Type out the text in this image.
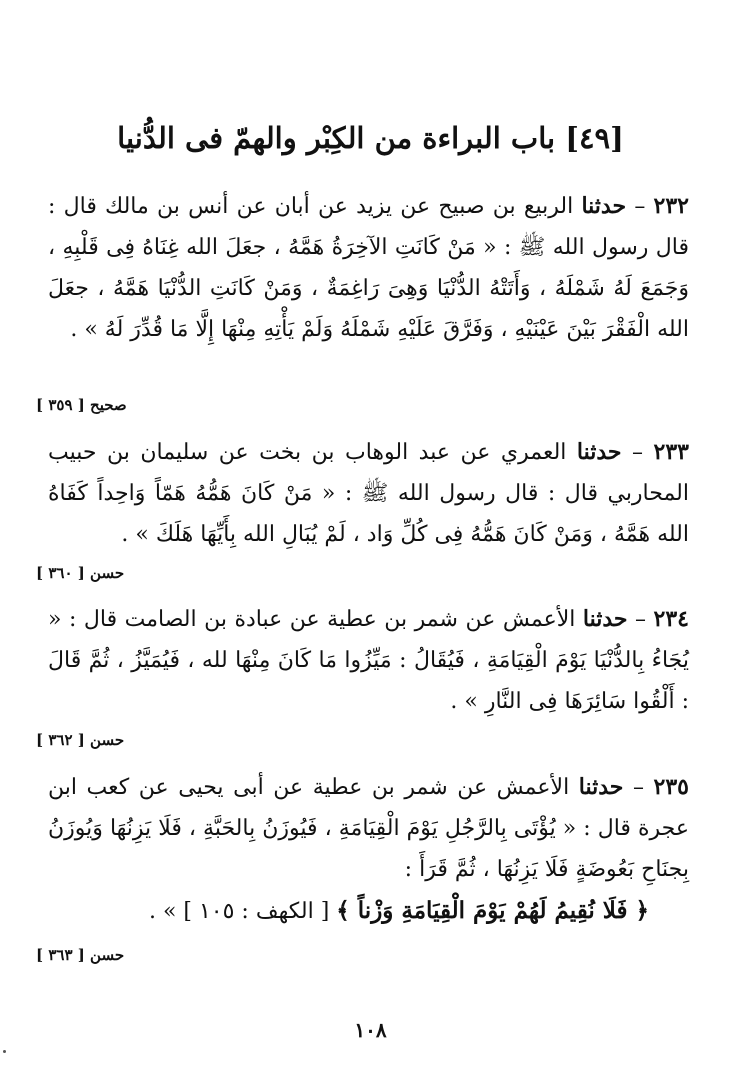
[٤٩] باب البراءة من الكِبْر والهمّ فى الدُّنيا
٢٣٢ – حدثنا الربيع بن صبيح عن يزيد عن أبان عن أنس بن مالك قال : قال رسول الله ﷺ : « مَنْ كَانَتِ الآخِرَةُ هَمَّهُ ، جعَلَ الله غِنَاهُ فِى قَلْبِهِ ، وَجَمَعَ لَهُ شَمْلَهُ ، وَأَتَتْهُ الدُّنْيَا وَهِىَ رَاغِمَةٌ ، وَمَنْ كَانَتِ الدُّنْيَا هَمَّهُ ، جعَلَ الله الْفَقْرَ بَيْنَ عَيْنَيْهِ ، وَفَرَّقَ عَلَيْهِ شَمْلَهُ وَلَمْ يَأْتِهِ مِنْهَا إِلَّا مَا قُدِّرَ لَهُ » .
صحيح [ ٣٥٩ ]
٢٣٣ – حدثنا العمري عن عبد الوهاب بن بخت عن سليمان بن حبيب المحاربي قال : قال رسول الله ﷺ : « مَنْ كَانَ هَمُّهُ هَمّاً وَاحِداً كَفَاهُ الله هَمَّهُ ، وَمَنْ كَانَ هَمُّهُ فِى كُلِّ وَاد ، لَمْ يُبَالِ الله بِأَيِّهَا هَلَكَ » .
حسن [ ٣٦٠ ]
٢٣٤ – حدثنا الأعمش عن شمر بن عطية عن عبادة بن الصامت قال : « يُجَاءُ بِالدُّنْيَا يَوْمَ الْقِيَامَةِ ، فَيُقَالُ : مَيِّزُوا مَا كَانَ مِنْهَا لله ، فَيُمَيَّزُ ، ثُمَّ قَالَ : أَلْقُوا سَائِرَهَا فِى النَّارِ » .
حسن [ ٣٦٢ ]
٢٣٥ – حدثنا الأعمش عن شمر بن عطية عن أبى يحيى عن كعب ابن عجرة قال : « يُؤْتَى بِالرَّجُلِ يَوْمَ الْقِيَامَةِ ، فَيُوزَنُ بِالحَبَّةِ ، فَلَا يَزِنُهَا وَيُوزَنُ بِجنَاحِ بَعُوضَةٍ فَلَا يَزِنُهَا ، ثُمَّ قَرَأَ :
﴿ فَلَا نُقِيمُ لَهُمْ يَوْمَ الْقِيَامَةِ وَزْناً ﴾ [ الكهف : ١٠٥ ] » .
حسن [ ٣٦٣ ]
١٠٨
